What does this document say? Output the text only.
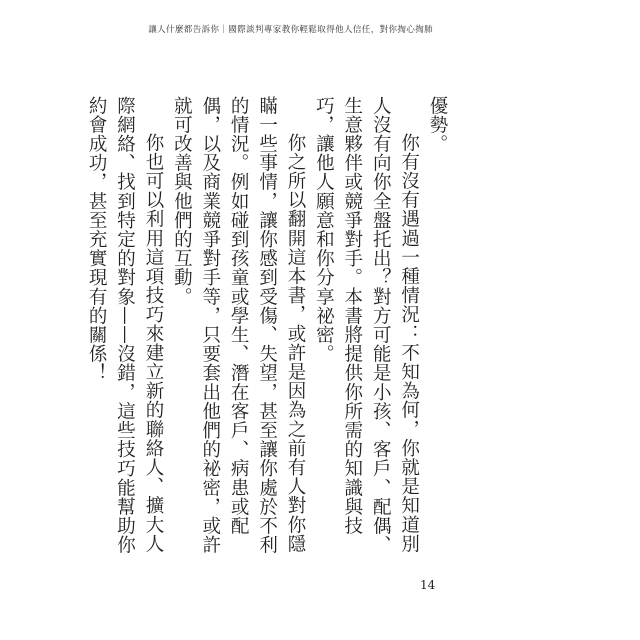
讓人什麼都告訴你｜國際談判專家教你輕鬆取得他人信任，對你掏心掏肺

優勢。

你有沒有遇過一種情況：不知為何，你就是知道別人沒有向你全盤托出？對方可能是小孩、客戶、配偶、生意夥伴或競爭對手。本書將提供你所需的知識與技巧，讓他人願意和你分享祕密。

你之所以翻開這本書，或許是因為之前有人對你隱瞞一些事情，讓你感到受傷、失望，甚至讓你處於不利的情況。例如碰到孩童或學生、潛在客戶、病患或配偶，以及商業競爭對手等，只要套出他們的祕密，或許就可改善與他們的互動。

你也可以利用這項技巧來建立新的聯絡人、擴大人際網絡、找到特定的對象——沒錯，這些技巧能幫助你約會成功，甚至充實現有的關係！

14
